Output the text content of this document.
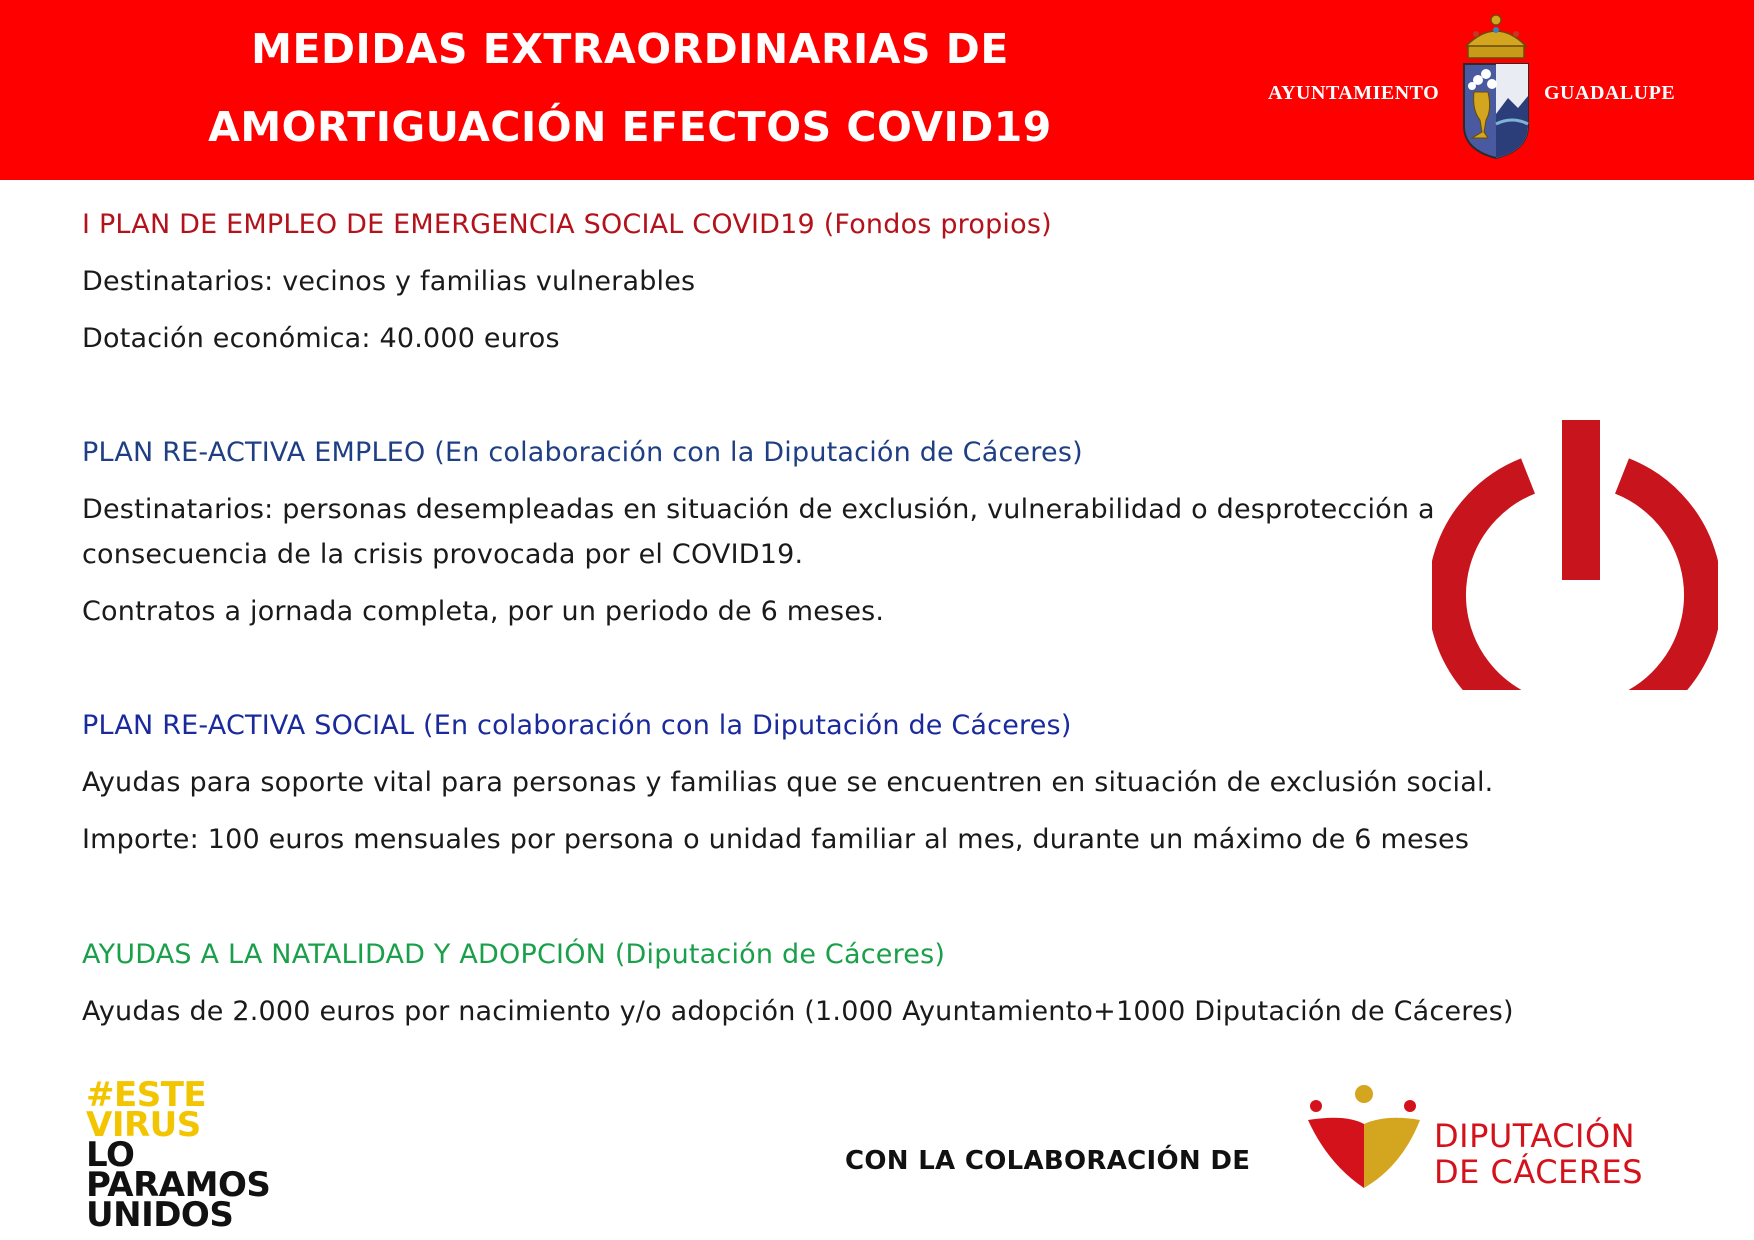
MEDIDAS EXTRAORDINARIAS DE
AMORTIGUACIÓN EFECTOS COVID19
AYUNTAMIENTO	GUADALUPE
I PLAN DE EMPLEO DE EMERGENCIA SOCIAL COVID19 (Fondos propios)
Destinatarios: vecinos y familias vulnerables
Dotación económica: 40.000 euros
PLAN RE-ACTIVA EMPLEO (En colaboración con la Diputación de Cáceres)
Destinatarios: personas desempleadas en situación de exclusión, vulnerabilidad o desprotección a
consecuencia de la crisis provocada por el COVID19.
Contratos a jornada completa, por un periodo de 6 meses.
PLAN RE-ACTIVA SOCIAL (En colaboración con la Diputación de Cáceres)
Ayudas para soporte vital para personas y familias que se encuentren en situación de exclusión social.
Importe: 100 euros mensuales por persona o unidad familiar al mes, durante un máximo de 6 meses
AYUDAS A LA NATALIDAD Y ADOPCIÓN (Diputación de Cáceres)
Ayudas de 2.000 euros por nacimiento y/o adopción (1.000 Ayuntamiento+1000 Diputación de Cáceres)
#ESTE
VIRUS
LO
PARAMOS
UNIDOS
CON LA COLABORACIÓN DE
DIPUTACIÓN
DE CÁCERES
